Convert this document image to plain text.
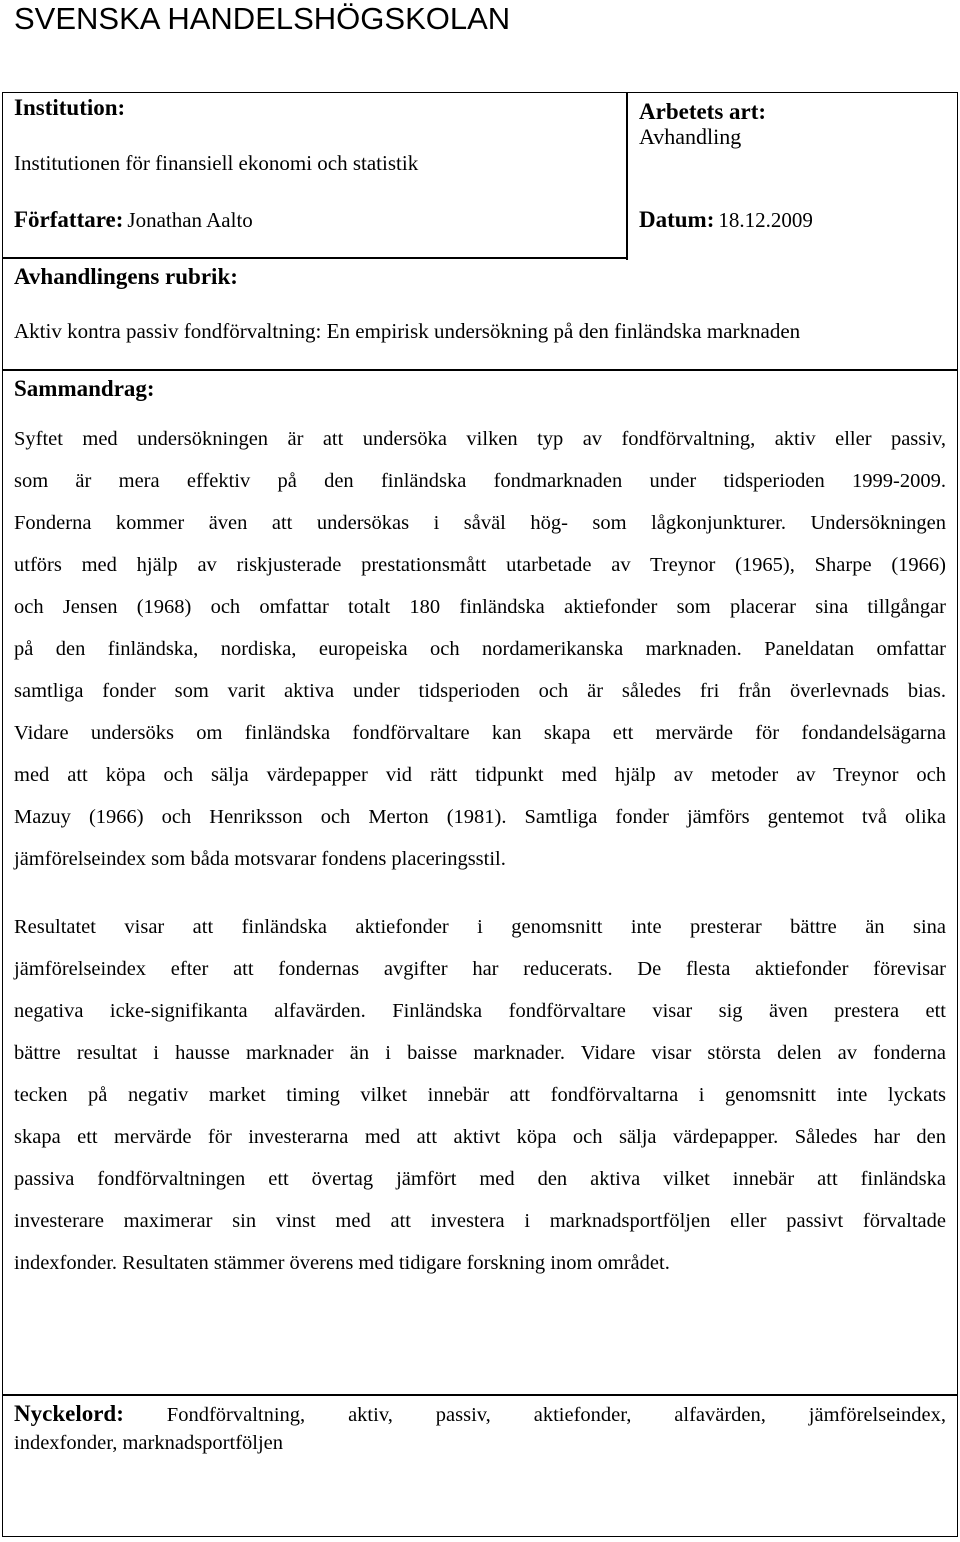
SVENSKA HANDELSHÖGSKOLAN
Institution:
Institutionen för finansiell ekonomi och statistik
Arbetets art:
Avhandling
Författare: Jonathan Aalto	Datum: 18.12.2009
Avhandlingens rubrik:
Aktiv kontra passiv fondförvaltning: En empirisk undersökning på den finländska marknaden
Sammandrag:
Syftet med undersökningen är att undersöka vilken typ av fondförvaltning, aktiv eller passiv,
som är mera effektiv på den finländska fondmarknaden under tidsperioden 1999-2009.
Fonderna kommer även att undersökas i såväl hög- som lågkonjunkturer. Undersökningen
utförs med hjälp av riskjusterade prestationsmått utarbetade av Treynor (1965), Sharpe (1966)
och Jensen (1968) och omfattar totalt 180 finländska aktiefonder som placerar sina tillgångar
på den finländska, nordiska, europeiska och nordamerikanska marknaden. Paneldatan omfattar
samtliga fonder som varit aktiva under tidsperioden och är således fri från överlevnads bias.
Vidare undersöks om finländska fondförvaltare kan skapa ett mervärde för fondandelsägarna
med att köpa och sälja värdepapper vid rätt tidpunkt med hjälp av metoder av Treynor och
Mazuy (1966) och Henriksson och Merton (1981). Samtliga fonder jämförs gentemot två olika
jämförelseindex som båda motsvarar fondens placeringsstil.
Resultatet visar att finländska aktiefonder i genomsnitt inte presterar bättre än sina
jämförelseindex efter att fondernas avgifter har reducerats. De flesta aktiefonder förevisar
negativa icke-signifikanta alfavärden. Finländska fondförvaltare visar sig även prestera ett
bättre resultat i hausse marknader än i baisse marknader. Vidare visar största delen av fonderna
tecken på negativ market timing vilket innebär att fondförvaltarna i genomsnitt inte lyckats
skapa ett mervärde för investerarna med att aktivt köpa och sälja värdepapper. Således har den
passiva fondförvaltningen ett övertag jämfört med den aktiva vilket innebär att finländska
investerare maximerar sin vinst med att investera i marknadsportföljen eller passivt förvaltade
indexfonder. Resultaten stämmer överens med tidigare forskning inom området.
Nyckelord: Fondförvaltning, aktiv, passiv, aktiefonder, alfavärden, jämförelseindex,
indexfonder, marknadsportföljen
